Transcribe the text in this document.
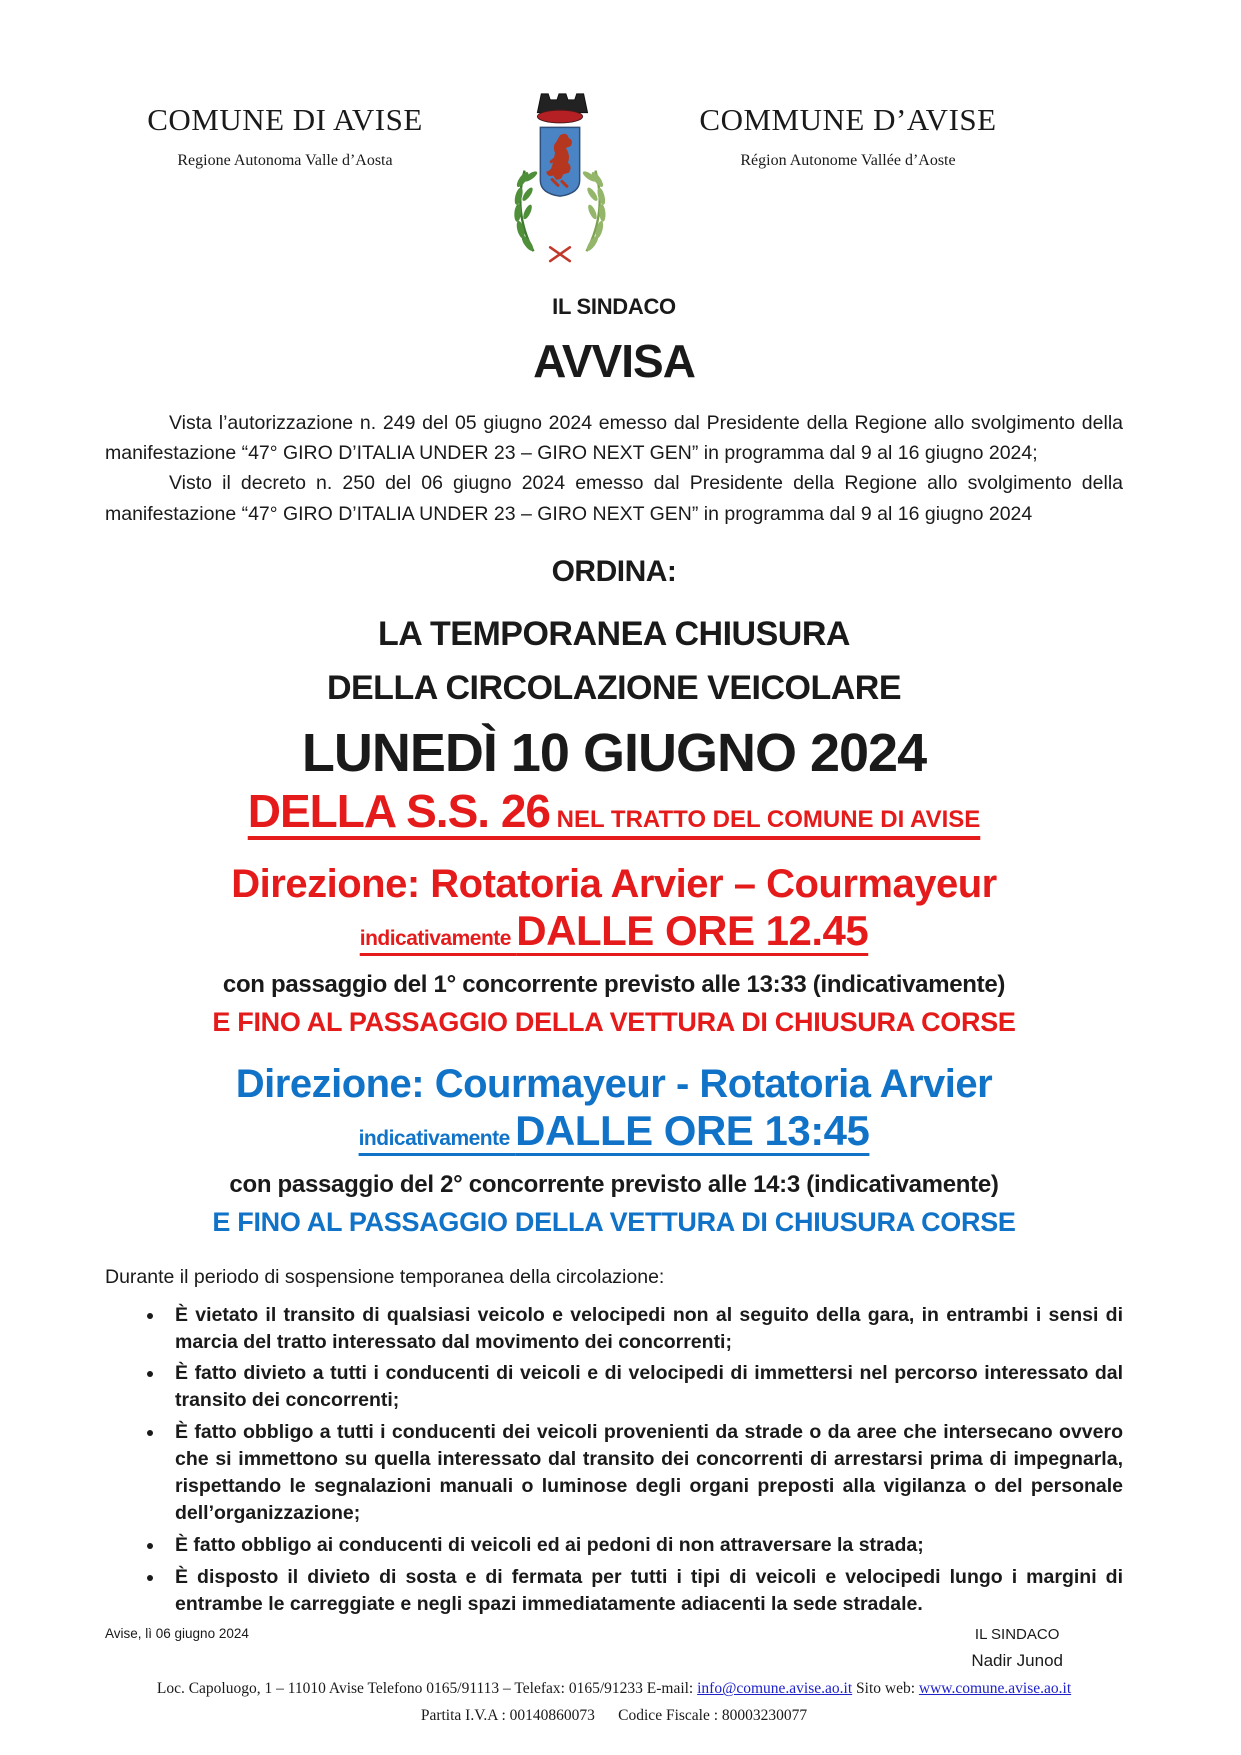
COMUNE DI AVISE
Regione Autonoma Valle d’Aosta
COMMUNE D’AVISE
Région Autonome Vallée d’Aoste
IL SINDACO
AVVISA

Vista l’autorizzazione n. 249 del 05 giugno 2024 emesso dal Presidente della Regione allo svolgimento della manifestazione “47° GIRO D’ITALIA UNDER 23 – GIRO NEXT GEN” in programma dal 9 al 16 giugno 2024;

Visto il decreto n. 250 del 06 giugno 2024 emesso dal Presidente della Regione allo svolgimento della manifestazione “47° GIRO D’ITALIA UNDER 23 – GIRO NEXT GEN” in programma dal 9 al 16 giugno 2024

ORDINA:
LA TEMPORANEA CHIUSURA
DELLA CIRCOLAZIONE VEICOLARE
LUNEDÌ 10 GIUGNO 2024
DELLA S.S. 26 NEL TRATTO DEL COMUNE DI AVISE
Direzione: Rotatoria Arvier – Courmayeur
indicativamente DALLE ORE 12.45
con passaggio del 1° concorrente previsto alle 13:33 (indicativamente)
E FINO AL PASSAGGIO DELLA VETTURA DI CHIUSURA CORSE
Direzione: Courmayeur - Rotatoria Arvier
indicativamente DALLE ORE 13:45
con passaggio del 2° concorrente previsto alle 14:3 (indicativamente)
E FINO AL PASSAGGIO DELLA VETTURA DI CHIUSURA CORSE
Durante il periodo di sospensione temporanea della circolazione:
• È vietato il transito di qualsiasi veicolo e velocipedi non al seguito della gara, in entrambi i sensi di marcia del tratto interessato dal movimento dei concorrenti;
• È fatto divieto a tutti i conducenti di veicoli e di velocipedi di immettersi nel percorso interessato dal transito dei concorrenti;
• È fatto obbligo a tutti i conducenti dei veicoli provenienti da strade o da aree che intersecano ovvero che si immettono su quella interessato dal transito dei concorrenti di arrestarsi prima di impegnarla, rispettando le segnalazioni manuali o luminose degli organi preposti alla vigilanza o del personale dell’organizzazione;
• È fatto obbligo ai conducenti di veicoli ed ai pedoni di non attraversare la strada;
• È disposto il divieto di sosta e di fermata per tutti i tipi di veicoli e velocipedi lungo i margini di entrambe le carreggiate e negli spazi immediatamente adiacenti la sede stradale.
Avise, lì 06 giugno 2024	IL SINDACO
Nadir Junod
Loc. Capoluogo, 1 – 11010 Avise Telefono 0165/91113 – Telefax: 0165/91233 E-mail: info@comune.avise.ao.it Sito web: www.comune.avise.ao.it
Partita I.V.A : 00140860073      Codice Fiscale : 80003230077
